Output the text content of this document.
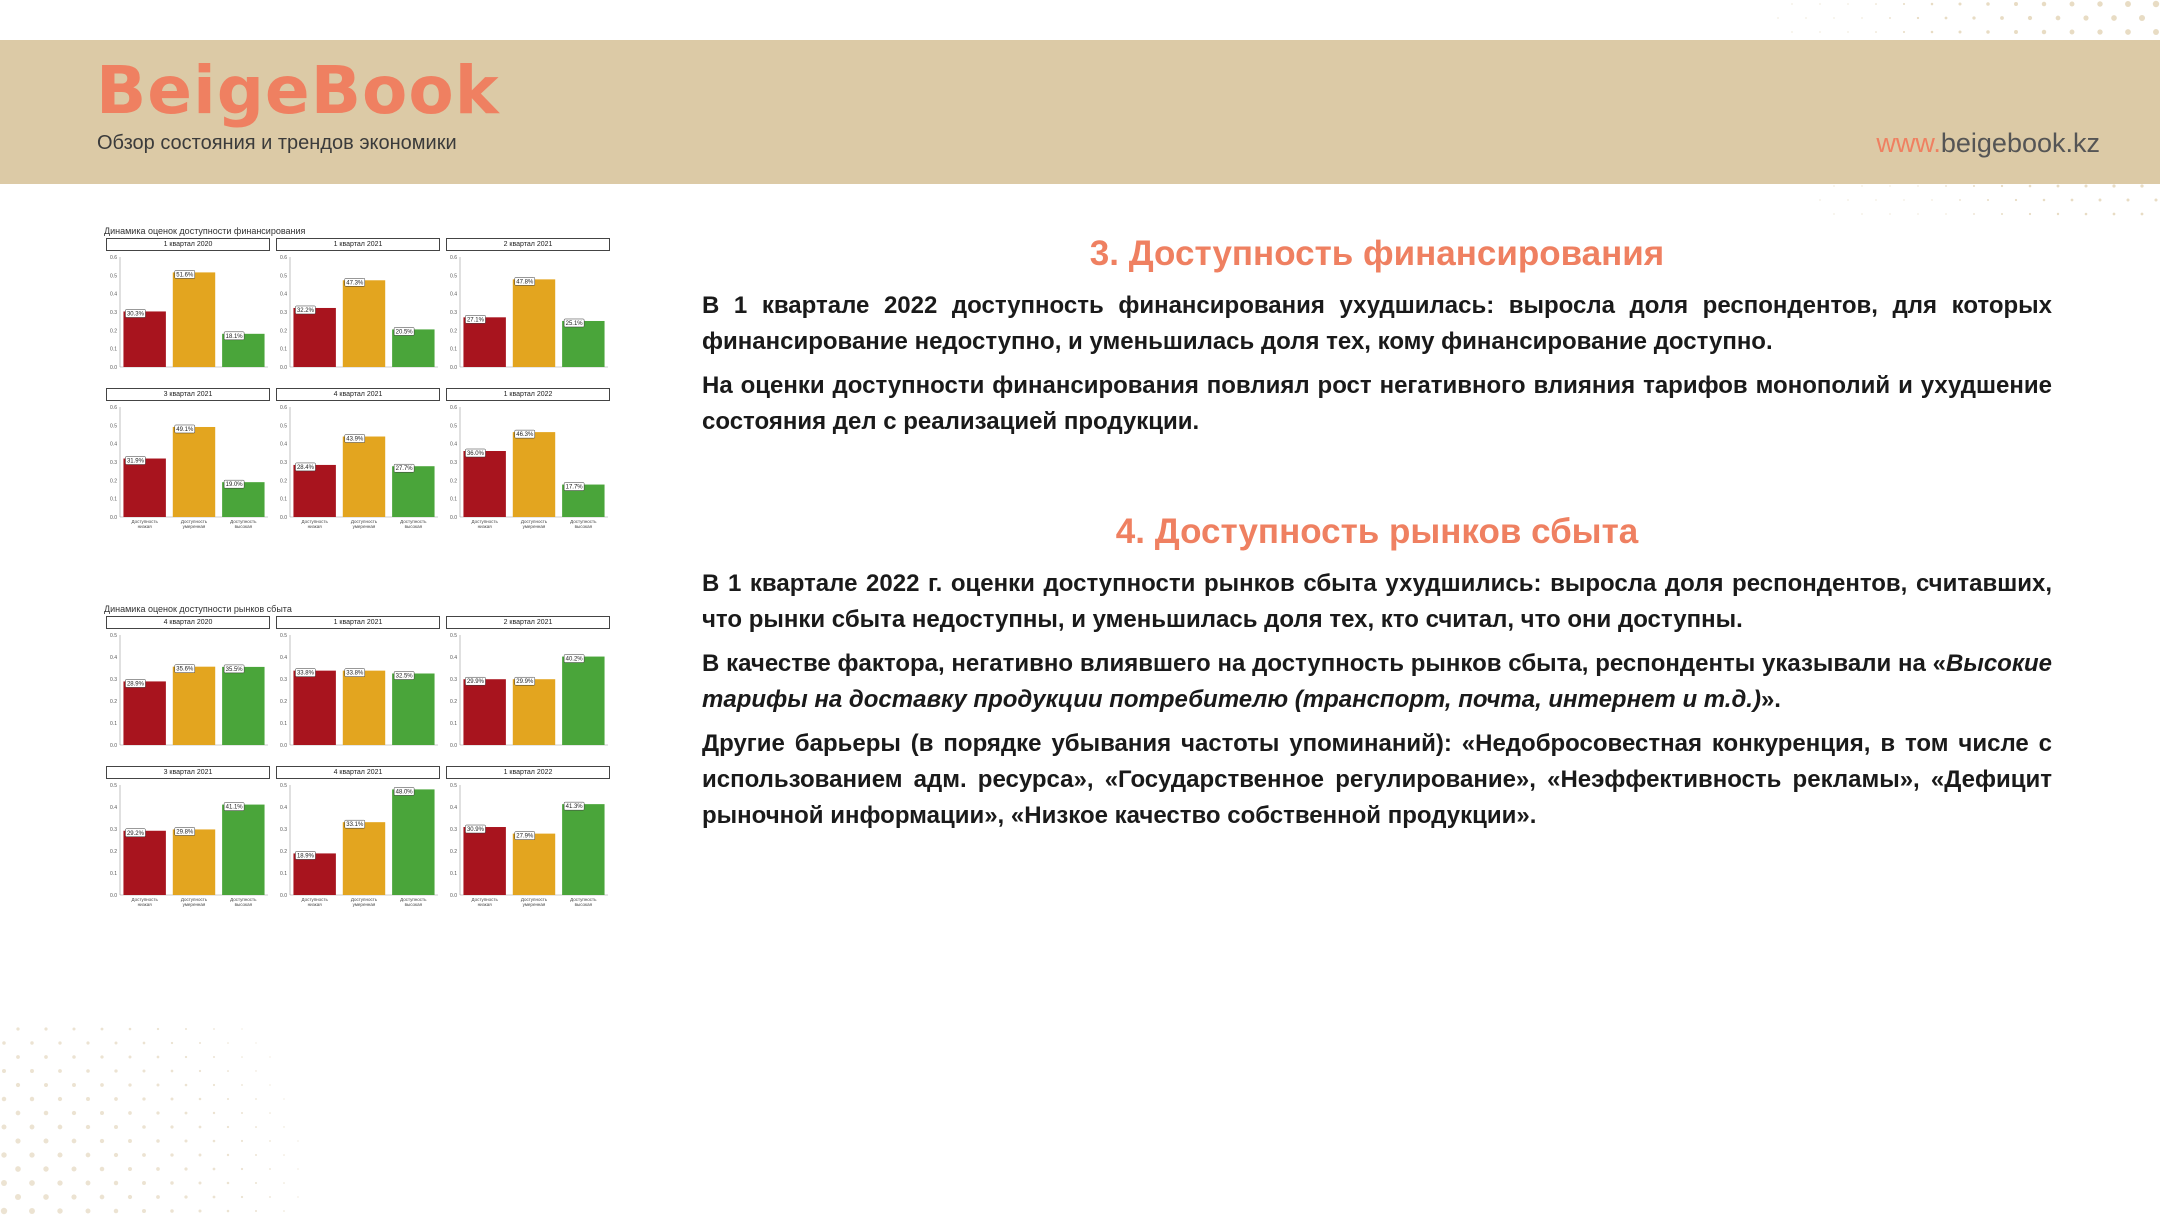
BeigeBook
Обзор состояния и трендов экономики	www.beigebook.kz
Динамика оценок доступности финансирования
1 квартал 2020
0.0
0.1
0.2
0.3
0.4
0.5
0.6
30.3%
51.6%
18.1%
1 квартал 2021
0.0
0.1
0.2
0.3
0.4
0.5
0.6
32.2%
47.3%
20.5%
2 квартал 2021
0.0
0.1
0.2
0.3
0.4
0.5
0.6
27.1%
47.8%
25.1%
3 квартал 2021
0.0
0.1
0.2
0.3
0.4
0.5
0.6
31.9%
Доступность
низкая
49.1%
Доступность
умеренная
19.0%
Доступность
высокая
4 квартал 2021
0.0
0.1
0.2
0.3
0.4
0.5
0.6
28.4%
Доступность
низкая
43.9%
Доступность
умеренная
27.7%
Доступность
высокая
1 квартал 2022
0.0
0.1
0.2
0.3
0.4
0.5
0.6
36.0%
Доступность
низкая
46.3%
Доступность
умеренная
17.7%
Доступность
высокая
Динамика оценок доступности рынков сбыта
4 квартал 2020
0.0
0.1
0.2
0.3
0.4
0.5
28.9%
35.6%	35.5%
1 квартал 2021
0.0
0.1
0.2
0.3
0.4
0.5
33.8%	33.8%	32.5%
2 квартал 2021
0.0
0.1
0.2
0.3
0.4
0.5
29.9%	29.9%
40.2%
3 квартал 2021
0.0
0.1
0.2
0.3
0.4
0.5
29.2%
Доступность
низкая
29.8%
Доступность
умеренная
41.1%
Доступность
высокая
4 квартал 2021
0.0
0.1
0.2
0.3
0.4
0.5
18.9%
Доступность
низкая
33.1%
Доступность
умеренная
48.0%
Доступность
высокая
1 квартал 2022
0.0
0.1
0.2
0.3
0.4
0.5
30.9%
Доступность
низкая
27.9%
Доступность
умеренная
41.3%
Доступность
высокая
3. Доступность финансирования

В 1 квартале 2022 доступность финансирования ухудшилась: выросла доля респондентов, для которых финансирование недоступно, и уменьшилась доля тех, кому финансирование доступно.

На оценки доступности финансирования повлиял рост негативного влияния тарифов монополий и ухудшение состояния дел с реализацией продукции.

4. Доступность рынков сбыта

В 1 квартале 2022 г. оценки доступности рынков сбыта ухудшились: выросла доля респондентов, считавших, что рынки сбыта недоступны, и уменьшилась доля тех, кто считал, что они доступны.

В качестве фактора, негативно влиявшего на доступность рынков сбыта, респонденты указывали на «Высокие тарифы на доставку продукции потребителю (транспорт, почта, интернет и т.д.)».

Другие барьеры (в порядке убывания частоты упоминаний): «Недобросовестная конкуренция, в том числе с использованием адм. ресурса», «Государственное регулирование», «Неэффективность рекламы», «Дефицит рыночной информации», «Низкое качество собственной продукции».
